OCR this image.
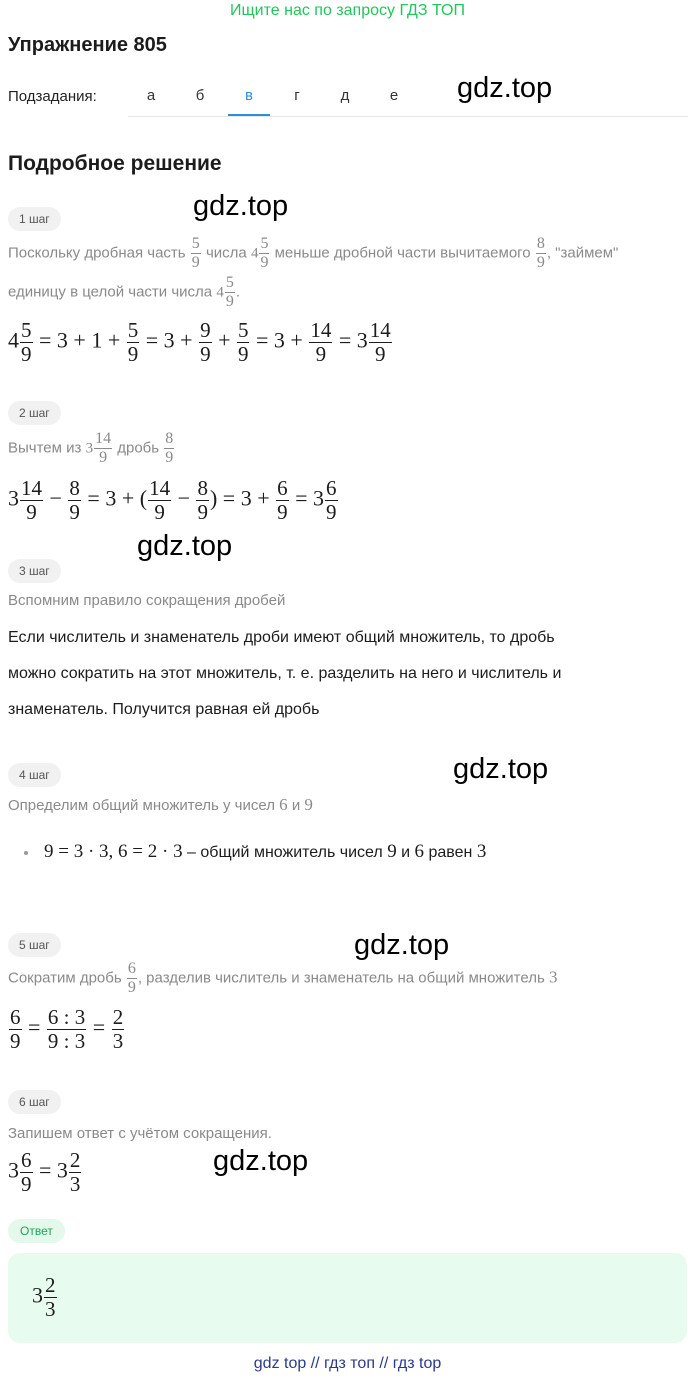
Ищите нас по запросу ГДЗ ТОП
Упражнение 805
Подзадания:	а	б	в	г	д	е	gdz.top
Подробное решение
1 шаг	gdz.top
Поскольку дробная часть $\frac{5}{9}$ числа $4 \frac{5}{9}$ меньше дробной части вычитаемого $\frac{8}{9}$ , "займем"
единицу в целой части числа $4 \frac{5}{9}$ .
$4 \frac{5}{9} = 3 + 1 + \frac{5}{9} = 3 + \frac{9}{9} + \frac{5}{9} = 3 + \frac{14}{9} = 3 \frac{14}{9}$
2 шаг
Вычтем из $3 \frac{14}{9}$ дробь $\frac{8}{9}$
$3 \frac{14}{9} - \frac{8}{9} = 3$ + ( $\frac{14}{9} - \frac{8}{9}$ ) = $3 + \frac{6}{9} = 3 \frac{6}{9}$
gdz.top
3 шаг
Вспомним правило сокращения дробей
Если числитель и знаменатель дроби имеют общий множитель, то дробь
можно сократить на этот множитель, т. е. разделить на него и числитель и
знаменатель. Получится равная ей дробь
4 шаг	gdz.top
Определим общий множитель у чисел 6 и 9
9 = 3 · 3, 6 = 2 · 3 – общий множитель чисел 9 и 6 равен 3
5 шаг	gdz.top
Сократим дробь $\frac{6}{9}$ , разделив числитель и знаменатель на общий множитель 3
$\frac{6}{9} = \frac{6 : 3}{9 : 3} = \frac{2}{3}$
6 шаг
Запишем ответ с учётом сокращения.
$3 \frac{6}{9} = 3 \frac{2}{3}$	gdz.top
Ответ
$3 \frac{2}{3}$
gdz top // гдз топ // гдз top
